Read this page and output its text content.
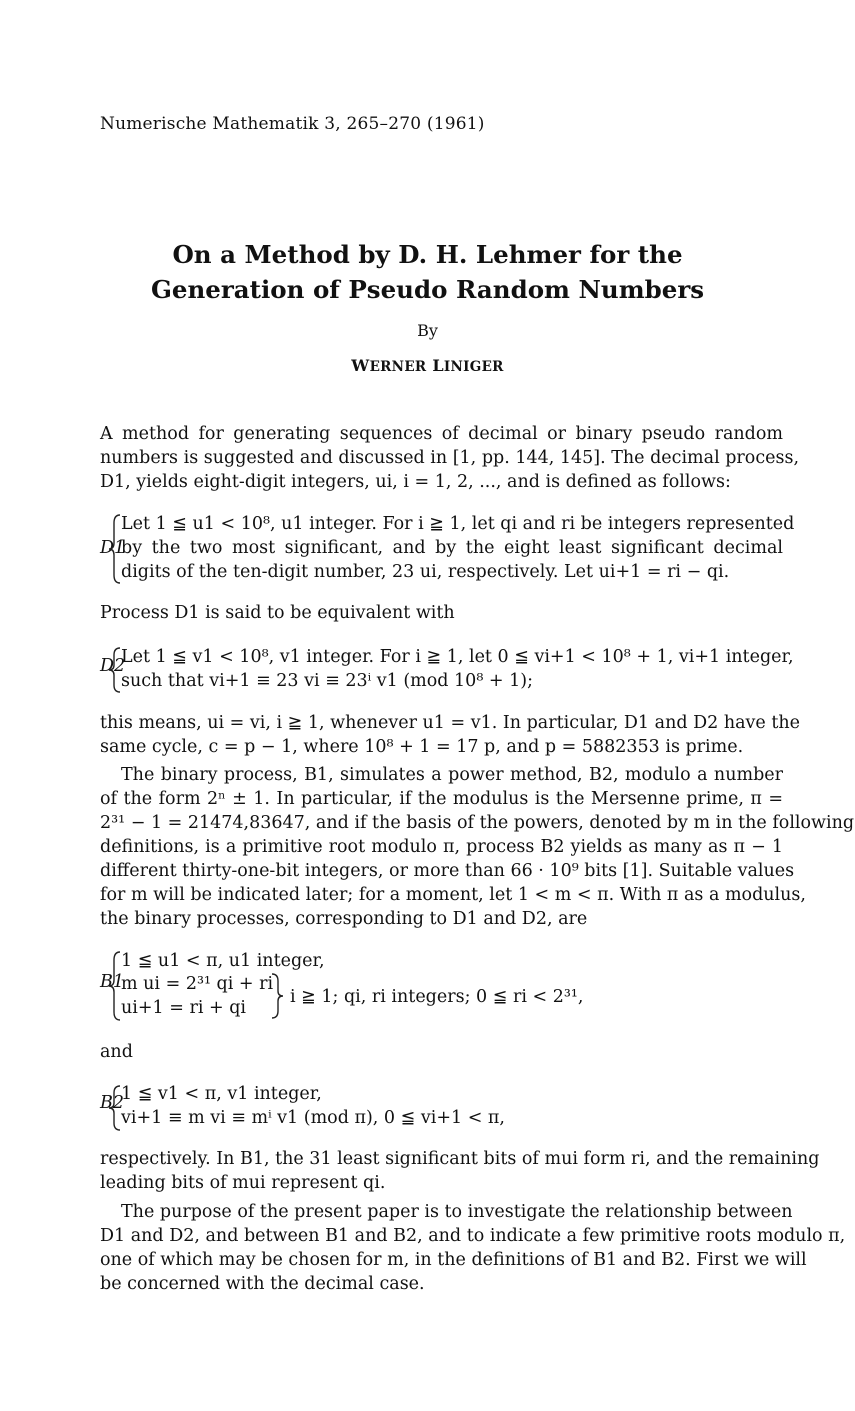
Numerische Mathematik 3, 265–270 (1961)
On a Method by D. H. Lehmer for the
Generation of Pseudo Random Numbers
By
WERNER LINIGER
A method for generating sequences of decimal or binary pseudo random
numbers is suggested and discussed in [1, pp. 144, 145]. The decimal process,
D1, yields eight-digit integers, ui, i = 1, 2, ..., and is defined as follows:
D1
Let 1 ≦ u1 < 10⁸, u1 integer. For i ≧ 1, let qi and ri be integers represented
by the two most significant, and by the eight least significant decimal
digits of the ten-digit number, 23 ui, respectively. Let ui+1 = ri − qi.
Process D1 is said to be equivalent with
D2
Let 1 ≦ v1 < 10⁸, v1 integer. For i ≧ 1, let 0 ≦ vi+1 < 10⁸ + 1, vi+1 integer,
such that vi+1 ≡ 23 vi ≡ 23ⁱ v1 (mod 10⁸ + 1);
this means, ui = vi, i ≧ 1, whenever u1 = v1. In particular, D1 and D2 have the
same cycle, c = p − 1, where 10⁸ + 1 = 17 p, and p = 5882353 is prime.
The binary process, B1, simulates a power method, B2, modulo a number
of the form 2ⁿ ± 1. In particular, if the modulus is the Mersenne prime, π =
2³¹ − 1 = 21474,83647, and if the basis of the powers, denoted by m in the following
definitions, is a primitive root modulo π, process B2 yields as many as π − 1
different thirty-one-bit integers, or more than 66 · 10⁹ bits [1]. Suitable values
for m will be indicated later; for a moment, let 1 < m < π. With π as a modulus,
the binary processes, corresponding to D1 and D2, are
B1
1 ≦ u1 < π, u1 integer,
m ui = 2³¹ qi + ri
ui+1 = ri + qi
i ≧ 1; qi, ri integers; 0 ≦ ri < 2³¹,
and
B2
1 ≦ v1 < π, v1 integer,
vi+1 ≡ m vi ≡ mⁱ v1 (mod π), 0 ≦ vi+1 < π,
respectively. In B1, the 31 least significant bits of mui form ri, and the remaining
leading bits of mui represent qi.
The purpose of the present paper is to investigate the relationship between
D1 and D2, and between B1 and B2, and to indicate a few primitive roots modulo π,
one of which may be chosen for m, in the definitions of B1 and B2. First we will
be concerned with the decimal case.
